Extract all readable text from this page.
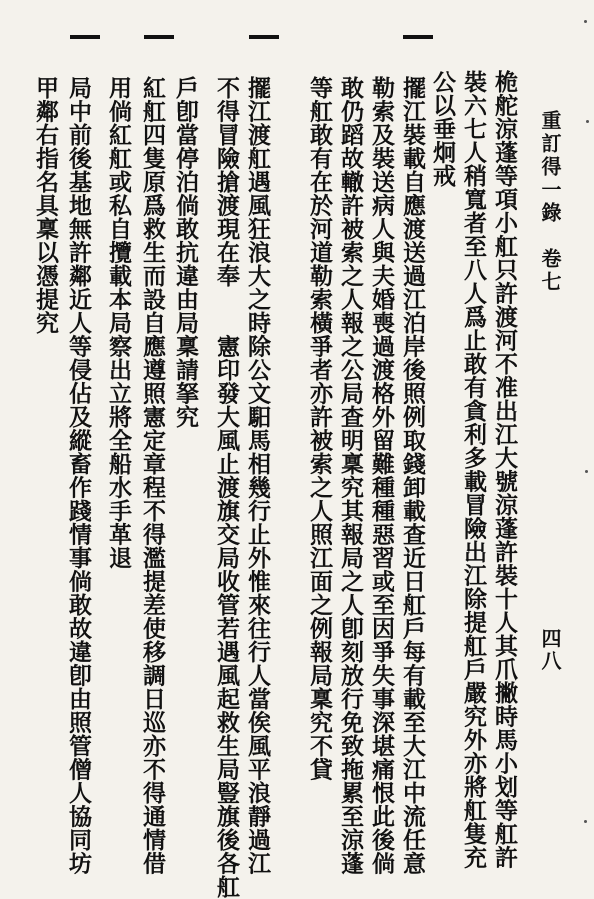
重訂得一錄　卷七
四八
桅舵涼蓬等項小舡只許渡河不准出江大號涼蓬許裝十人其爪撇時馬小划等舡許
裝六七人稍寬者至八人爲止敢有貪利多載冒險出江除提舡戶嚴究外亦將舡隻充
公以垂炯戒
擺江裝載自應渡送過江泊岸後照例取錢卸載查近日舡戶每有載至大江中流任意
勒索及裝送病人與夫婚喪過渡格外留難種種惡習或至因爭失事深堪痛恨此後倘
敢仍蹈故轍許被索之人報之公局查明稟究其報局之人卽刻放行免致拖累至涼蓬
等舡敢有在於河道勒索橫爭者亦許被索之人照江面之例報局稟究不貸
擺江渡舡遇風狂浪大之時除公文馹馬相幾行止外惟來往行人當俟風平浪靜過江
不得冒險搶渡現在奉　　憲印發大風止渡旗交局收管若遇風起救生局豎旗後各舡
戶卽當停泊倘敢抗違由局稟請拏究
紅舡四隻原爲救生而設自應遵照憲定章程不得濫提差使移調日巡亦不得通情借
用倘紅舡或私自攬載本局察出立將全船水手革退
局中前後基地無許鄰近人等侵佔及縱畜作踐情事倘敢故違卽由照管僧人協同坊
甲鄰右指名具稟以憑提究
